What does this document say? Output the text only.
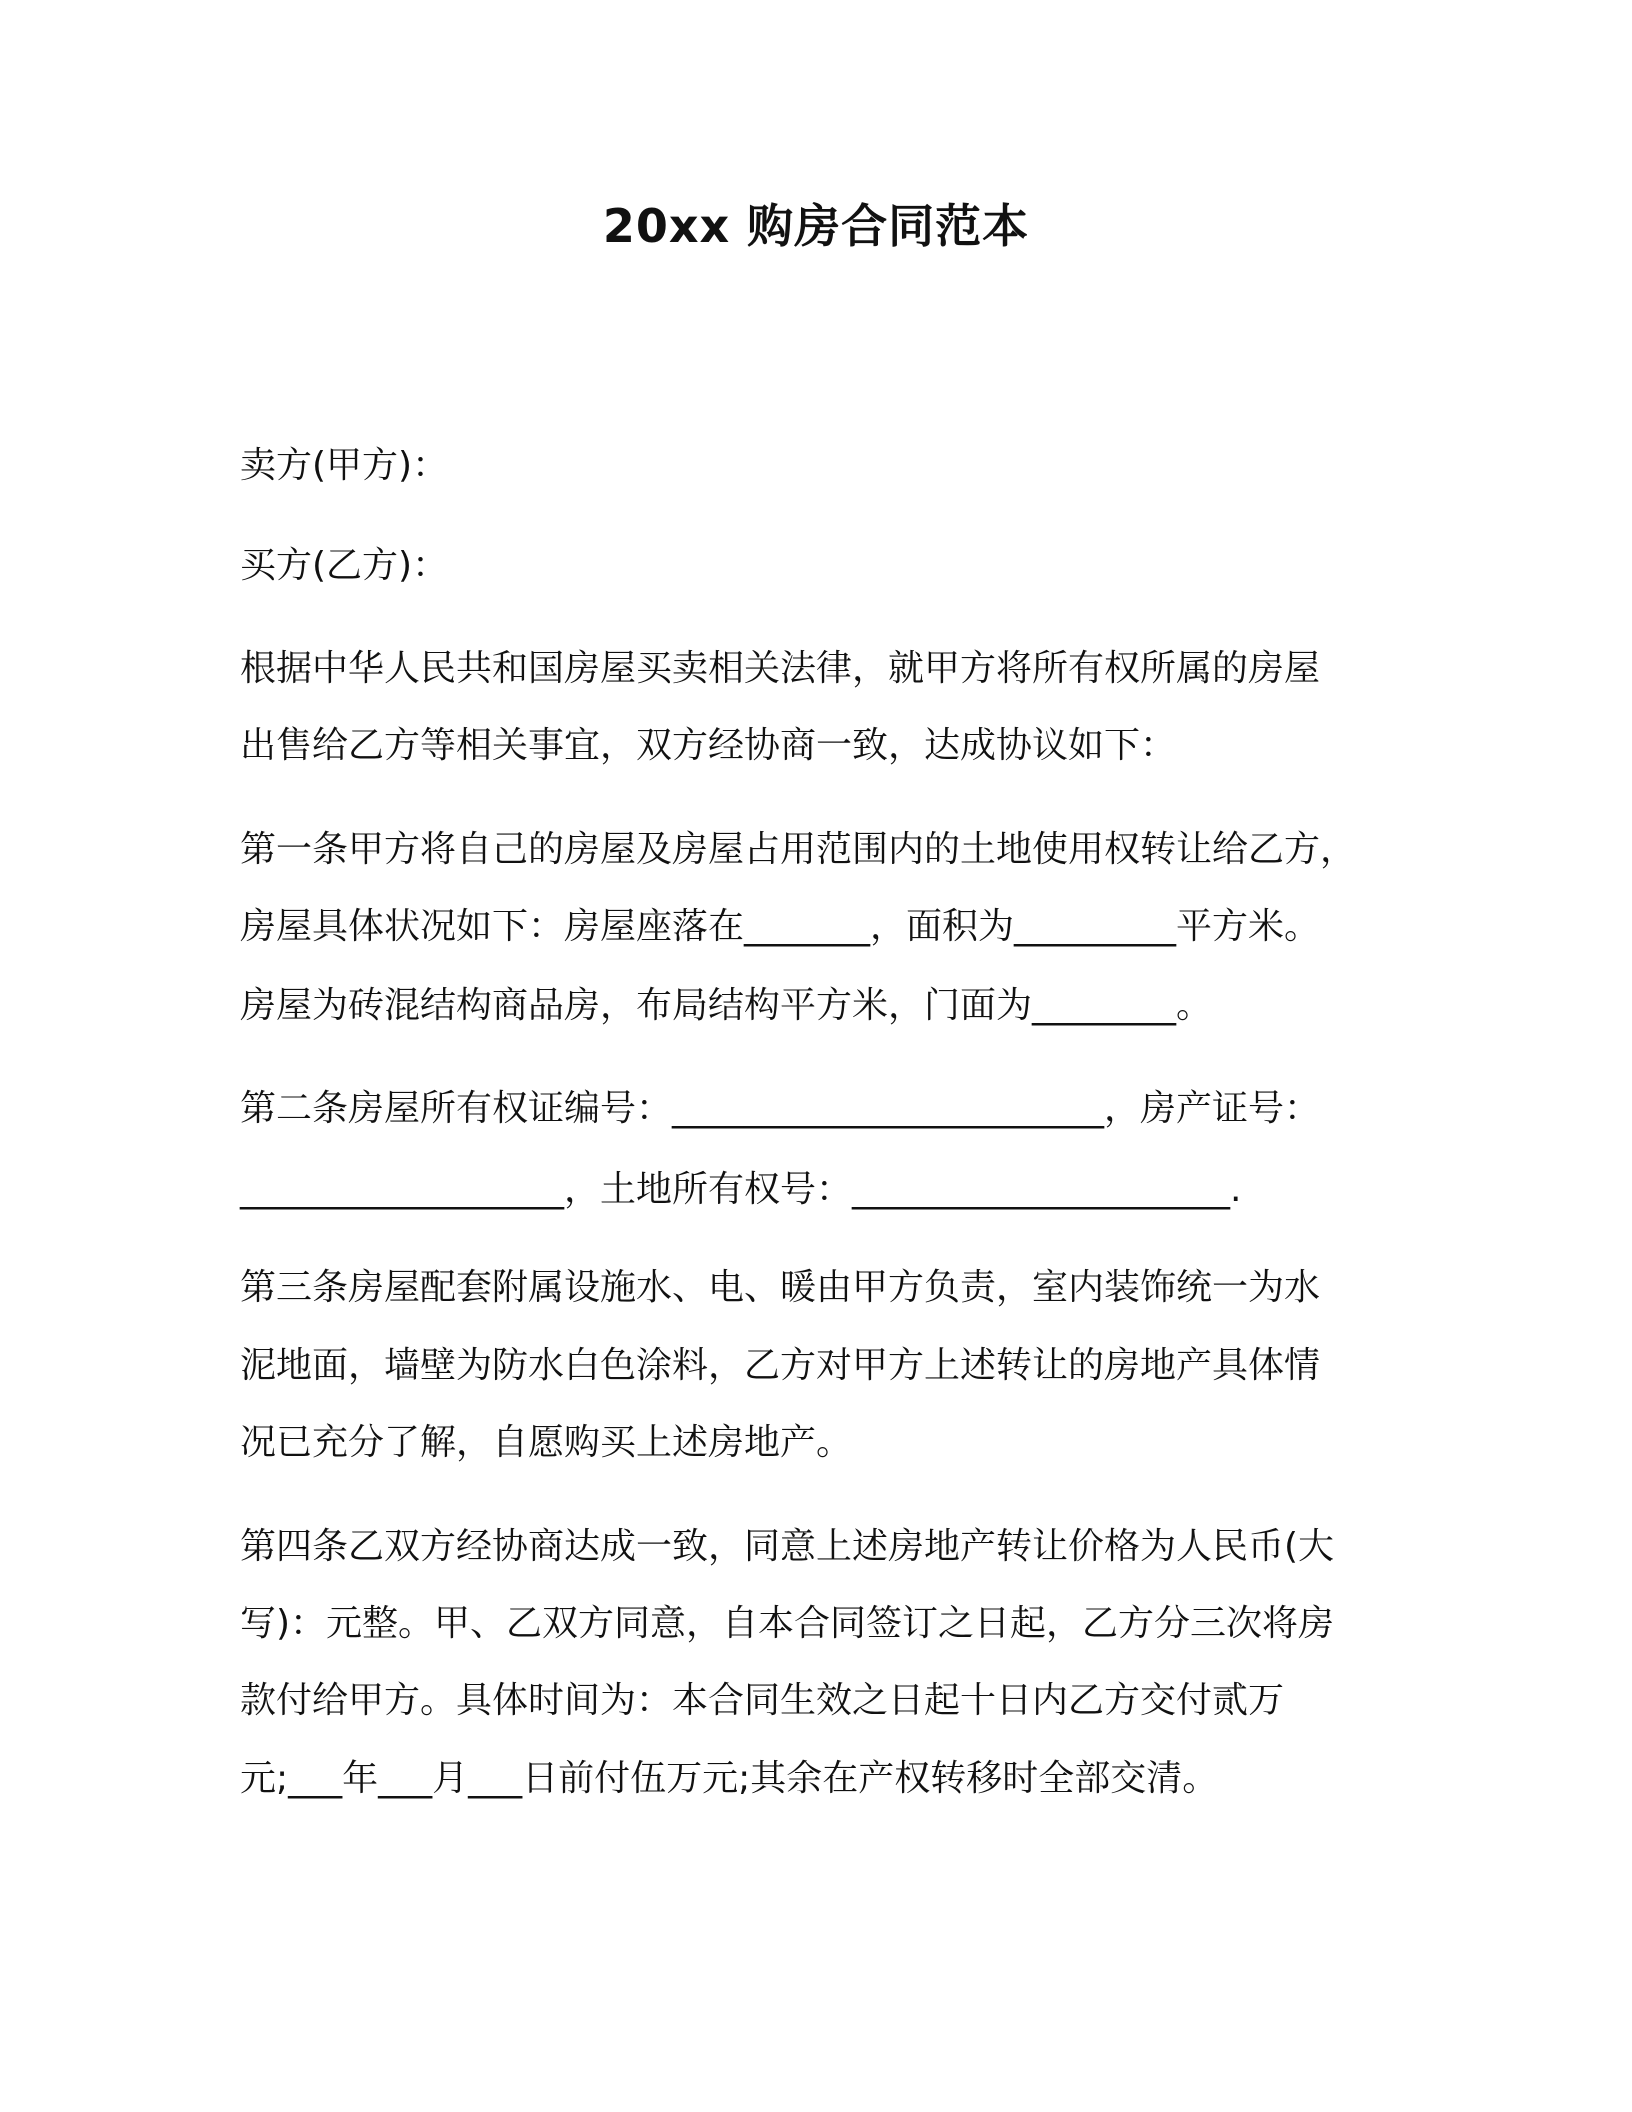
20xx 购房合同范本
卖方(甲方)：
买方(乙方)：
根据中华人民共和国房屋买卖相关法律，就甲方将所有权所属的房屋
出售给乙方等相关事宜，双方经协商一致，达成协议如下：
第一条甲方将自己的房屋及房屋占用范围内的土地使用权转让给乙方，
房屋具体状况如下：房屋座落在_______，面积为_________平方米。
房屋为砖混结构商品房，布局结构平方米，门面为________。
第二条房屋所有权证编号：________________________，房产证号：
__________________，土地所有权号：_____________________.
第三条房屋配套附属设施水、电、暖由甲方负责，室内装饰统一为水
泥地面，墙壁为防水白色涂料，乙方对甲方上述转让的房地产具体情
况已充分了解，自愿购买上述房地产。
第四条乙双方经协商达成一致，同意上述房地产转让价格为人民币(大
写)：元整。甲、乙双方同意，自本合同签订之日起，乙方分三次将房
款付给甲方。具体时间为：本合同生效之日起十日内乙方交付贰万
元;___年___月___日前付伍万元;其余在产权转移时全部交清。
